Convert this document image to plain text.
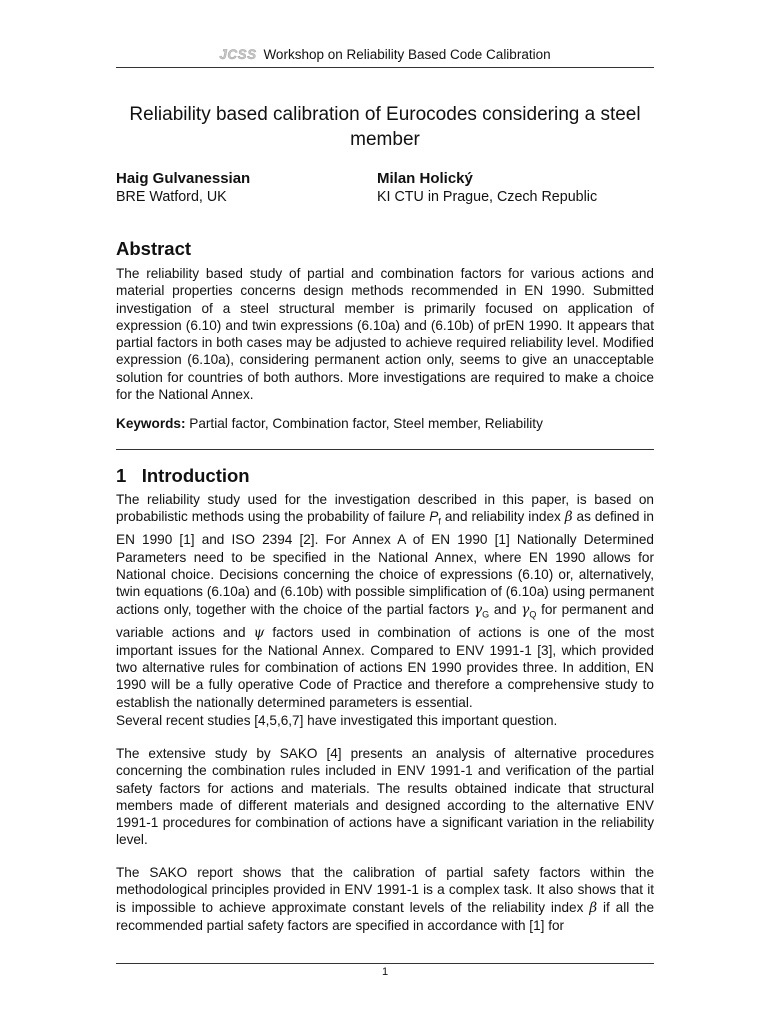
JCSS Workshop on Reliability Based Code Calibration
Reliability based calibration of Eurocodes considering a steel member
Haig Gulvanessian
BRE Watford, UK
Milan Holický
KI CTU in Prague, Czech Republic
Abstract
The reliability based study of partial and combination factors for various actions and material properties concerns design methods recommended in EN 1990. Submitted investigation of a steel structural member is primarily focused on application of expression (6.10) and twin expressions (6.10a) and (6.10b) of prEN 1990. It appears that partial factors in both cases may be adjusted to achieve required reliability level. Modified expression (6.10a), considering permanent action only, seems to give an unacceptable solution for countries of both authors. More investigations are required to make a choice for the National Annex.
Keywords: Partial factor, Combination factor, Steel member, Reliability
1 Introduction
The reliability study used for the investigation described in this paper, is based on probabilistic methods using the probability of failure $P_f$ and reliability index β as defined in EN 1990 [1] and ISO 2394 [2]. For Annex A of EN 1990 [1] Nationally Determined Parameters need to be specified in the National Annex, where EN 1990 allows for National choice. Decisions concerning the choice of expressions (6.10) or, alternatively, twin equations (6.10a) and (6.10b) with possible simplification of (6.10a) using permanent actions only, together with the choice of the partial factors $\gamma_G$ and $\gamma_Q$ for permanent and variable actions and ψ factors used in combination of actions is one of the most important issues for the National Annex. Compared to ENV 1991-1 [3], which provided two alternative rules for combination of actions EN 1990 provides three. In addition, EN 1990 will be a fully operative Code of Practice and therefore a comprehensive study to establish the nationally determined parameters is essential.
Several recent studies [4,5,6,7] have investigated this important question.
The extensive study by SAKO [4] presents an analysis of alternative procedures concerning the combination rules included in ENV 1991-1 and verification of the partial safety factors for actions and materials. The results obtained indicate that structural members made of different materials and designed according to the alternative ENV 1991-1 procedures for combination of actions have a significant variation in the reliability level.
The SAKO report shows that the calibration of partial safety factors within the methodological principles provided in ENV 1991-1 is a complex task. It also shows that it is impossible to achieve approximate constant levels of the reliability index β if all the recommended partial safety factors are specified in accordance with [1] for
1
